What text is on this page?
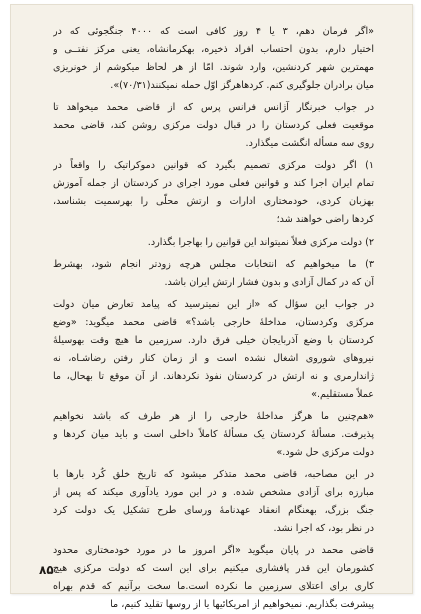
«اگر فرمان دهم، ۳ یا ۴ روز کافی است که ۴۰۰۰ جنگجوئی که در
اختیار دارم، بدون احتساب افراد ذخیره، بهکرمانشاه، یعنی مرکز نفتــی و
مهمترین شهر کردنشین، وارد شوند. امّا از هر لحاظ میکوشم از خونریزی
میان برادران جلوگیری کنم. کردهاهرگز اوّل حمله نمیکنند(۷۰/۳۱)».

در جواب خبرنگار آژانس فرانس پرس که از قاضی محمد میخواهد تا
موقعیت فعلی کردستان را در قبال دولت مرکزی روشن کند، قاضی محمد
روی سه مسأله انگشت میگذارد.

۱) اگر دولت مرکزی تصمیم بگیرد که قوانین دموکراتیک را واقعاً در
تمام ایران اجرا کند و قوانین فعلی مورد اجرای در کردستان از جمله آموزش
بهزبان کردی، خودمختاری ادارات و ارتش محلّی را بهرسمیت بشناسد،
کردها راضی خواهند شد؛

۲) دولت مرکزی فعلاً نمیتواند این قوانین را بهاجرا بگذارد.

۳) ما میخواهیم که انتخابات مجلس هرچه زودتر انجام شود، بهشرط
آن که در کمال آزادی و بدون فشار ارتش ایران باشد.

در جواب این سؤال که «از این نمیترسید که پیامد تعارض میان دولت
مرکزی وکردستان، مداخلهٔ خارجی باشد؟» قاضی محمد میگوید: «وضع
کردستان با وضع آذربایجان خیلی فرق دارد. سرزمین ما هیچ وقت بهوسیلهٔ
نیروهای شوروی اشغال نشده است و از زمان کنار رفتن رضاشـاه، نه
ژاندارمری و نه ارتش در کردستان نفوذ نکردهاند. از آن موقع تا بهحال، ما
عملاً مستقلیم.»

«هم‌چنین ما هرگز مداخلهٔ خارجی را از هر طرف که باشد نخواهیم
پذیرفت. مسألهٔ کردستان یک مسألهٔ کاملاً داخلی است و باید میان کردها و
دولت مرکزی حل شود.»

در این مصاحبه، قاضی محمد متذکر میشود که تاریخ خلق کُرد بارها با
مبارزه برای آزادی مشخص شده. و در این مورد یادآوری میکند که پس از
جنگ بزرگ، بهعنگام انعقاد عهدنامهٔ ورسای طرح تشکیل یک دولت کرد
در نظر بود، که اجرا نشد.

قاضی محمد در پایان میگوید «اگر امروز ما در مورد خودمختاری محدود
کشورمان این قدر پافشاری میکنیم برای این است که دولت مرکزی هیچ
کاری برای اعتلای سرزمین ما نکرده است.ما سخت برآنیم که قدم بهراه
پیشرفت بگذاریم. نمیخواهیم از امریکائیها یا از روسها تقلید کنیم، ما

۸۵
